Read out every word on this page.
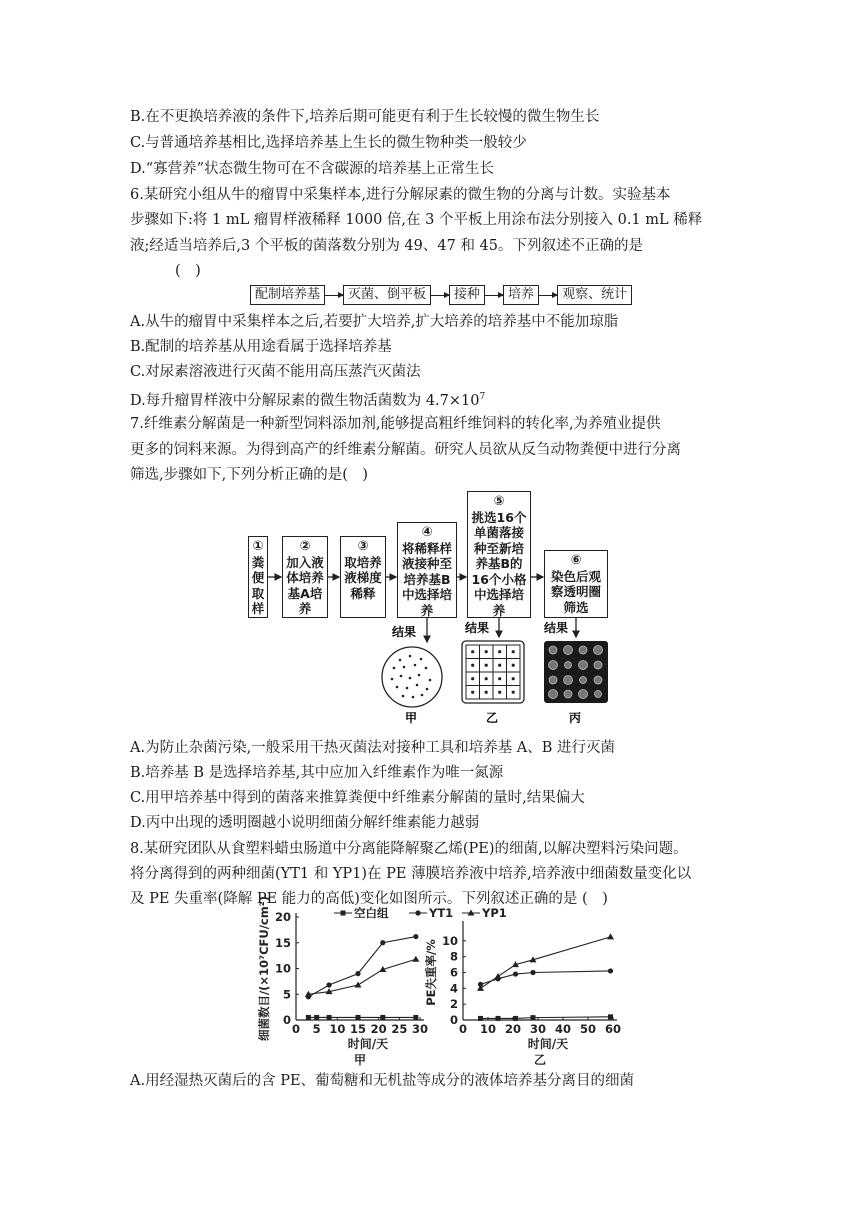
B.在不更换培养液的条件下,培养后期可能更有利于生长较慢的微生物生长
C.与普通培养基相比,选择培养基上生长的微生物种类一般较少
D.“寡营养”状态微生物可在不含碳源的培养基上正常生长
6.某研究小组从牛的瘤胃中采集样本,进行分解尿素的微生物的分离与计数。实验基本
步骤如下:将 1 mL 瘤胃样液稀释 1000 倍,在 3 个平板上用涂布法分别接入 0.1 mL 稀释
液;经适当培养后,3 个平板的菌落数分别为 49、47 和 45。下列叙述不正确的是
(　)
配制培养基	灭菌、倒平板	接种	培养	观察、统计
A.从牛的瘤胃中采集样本之后,若要扩大培养,扩大培养的培养基中不能加琼脂
B.配制的培养基从用途看属于选择培养基
C.对尿素溶液进行灭菌不能用高压蒸汽灭菌法
D.每升瘤胃样液中分解尿素的微生物活菌数为 $4.7\times 10^7$
7.纤维素分解菌是一种新型饲料添加剂,能够提高粗纤维饲料的转化率,为养殖业提供
更多的饲料来源。为得到高产的纤维素分解菌。研究人员欲从反刍动物粪便中进行分离
筛选,步骤如下,下列分析正确的是(　)
①
粪便取样
②
加入液体培养基A培养
③
取培养液梯度稀释
④
将稀释样液接种至培养基B中选择培养
⑤
挑选16个单菌落接种至新培养基B的16个小格中选择培养
⑥
染色后观察透明圈筛选
结果	结果	结果
甲	乙	丙
A.为防止杂菌污染,一般采用干热灭菌法对接种工具和培养基 A、B 进行灭菌
B.培养基 B 是选择培养基,其中应加入纤维素作为唯一氮源
C.用甲培养基中得到的菌落来推算粪便中纤维素分解菌的量时,结果偏大
D.丙中出现的透明圈越小说明细菌分解纤维素能力越弱
8.某研究团队从食塑料蜡虫肠道中分离能降解聚乙烯(PE)的细菌,以解决塑料污染问题。
将分离得到的两种细菌(YT1 和 YP1)在 PE 薄膜培养液中培养,培养液中细菌数量变化以
及 PE 失重率(降解 PE 能力的高低)变化如图所示。下列叙述正确的是 (　)
空白组	YT1	YP1
0 5 10 15 20 25 30
0
5
10
15
20
时间/天
细菌数目/(×10⁷CFU/cm²)
甲
0 10 20 30 40 50 60
0
2
4
6
8
10
时间/天
PE失重率/%
乙
A.用经湿热灭菌后的含 PE、葡萄糖和无机盐等成分的液体培养基分离目的细菌
